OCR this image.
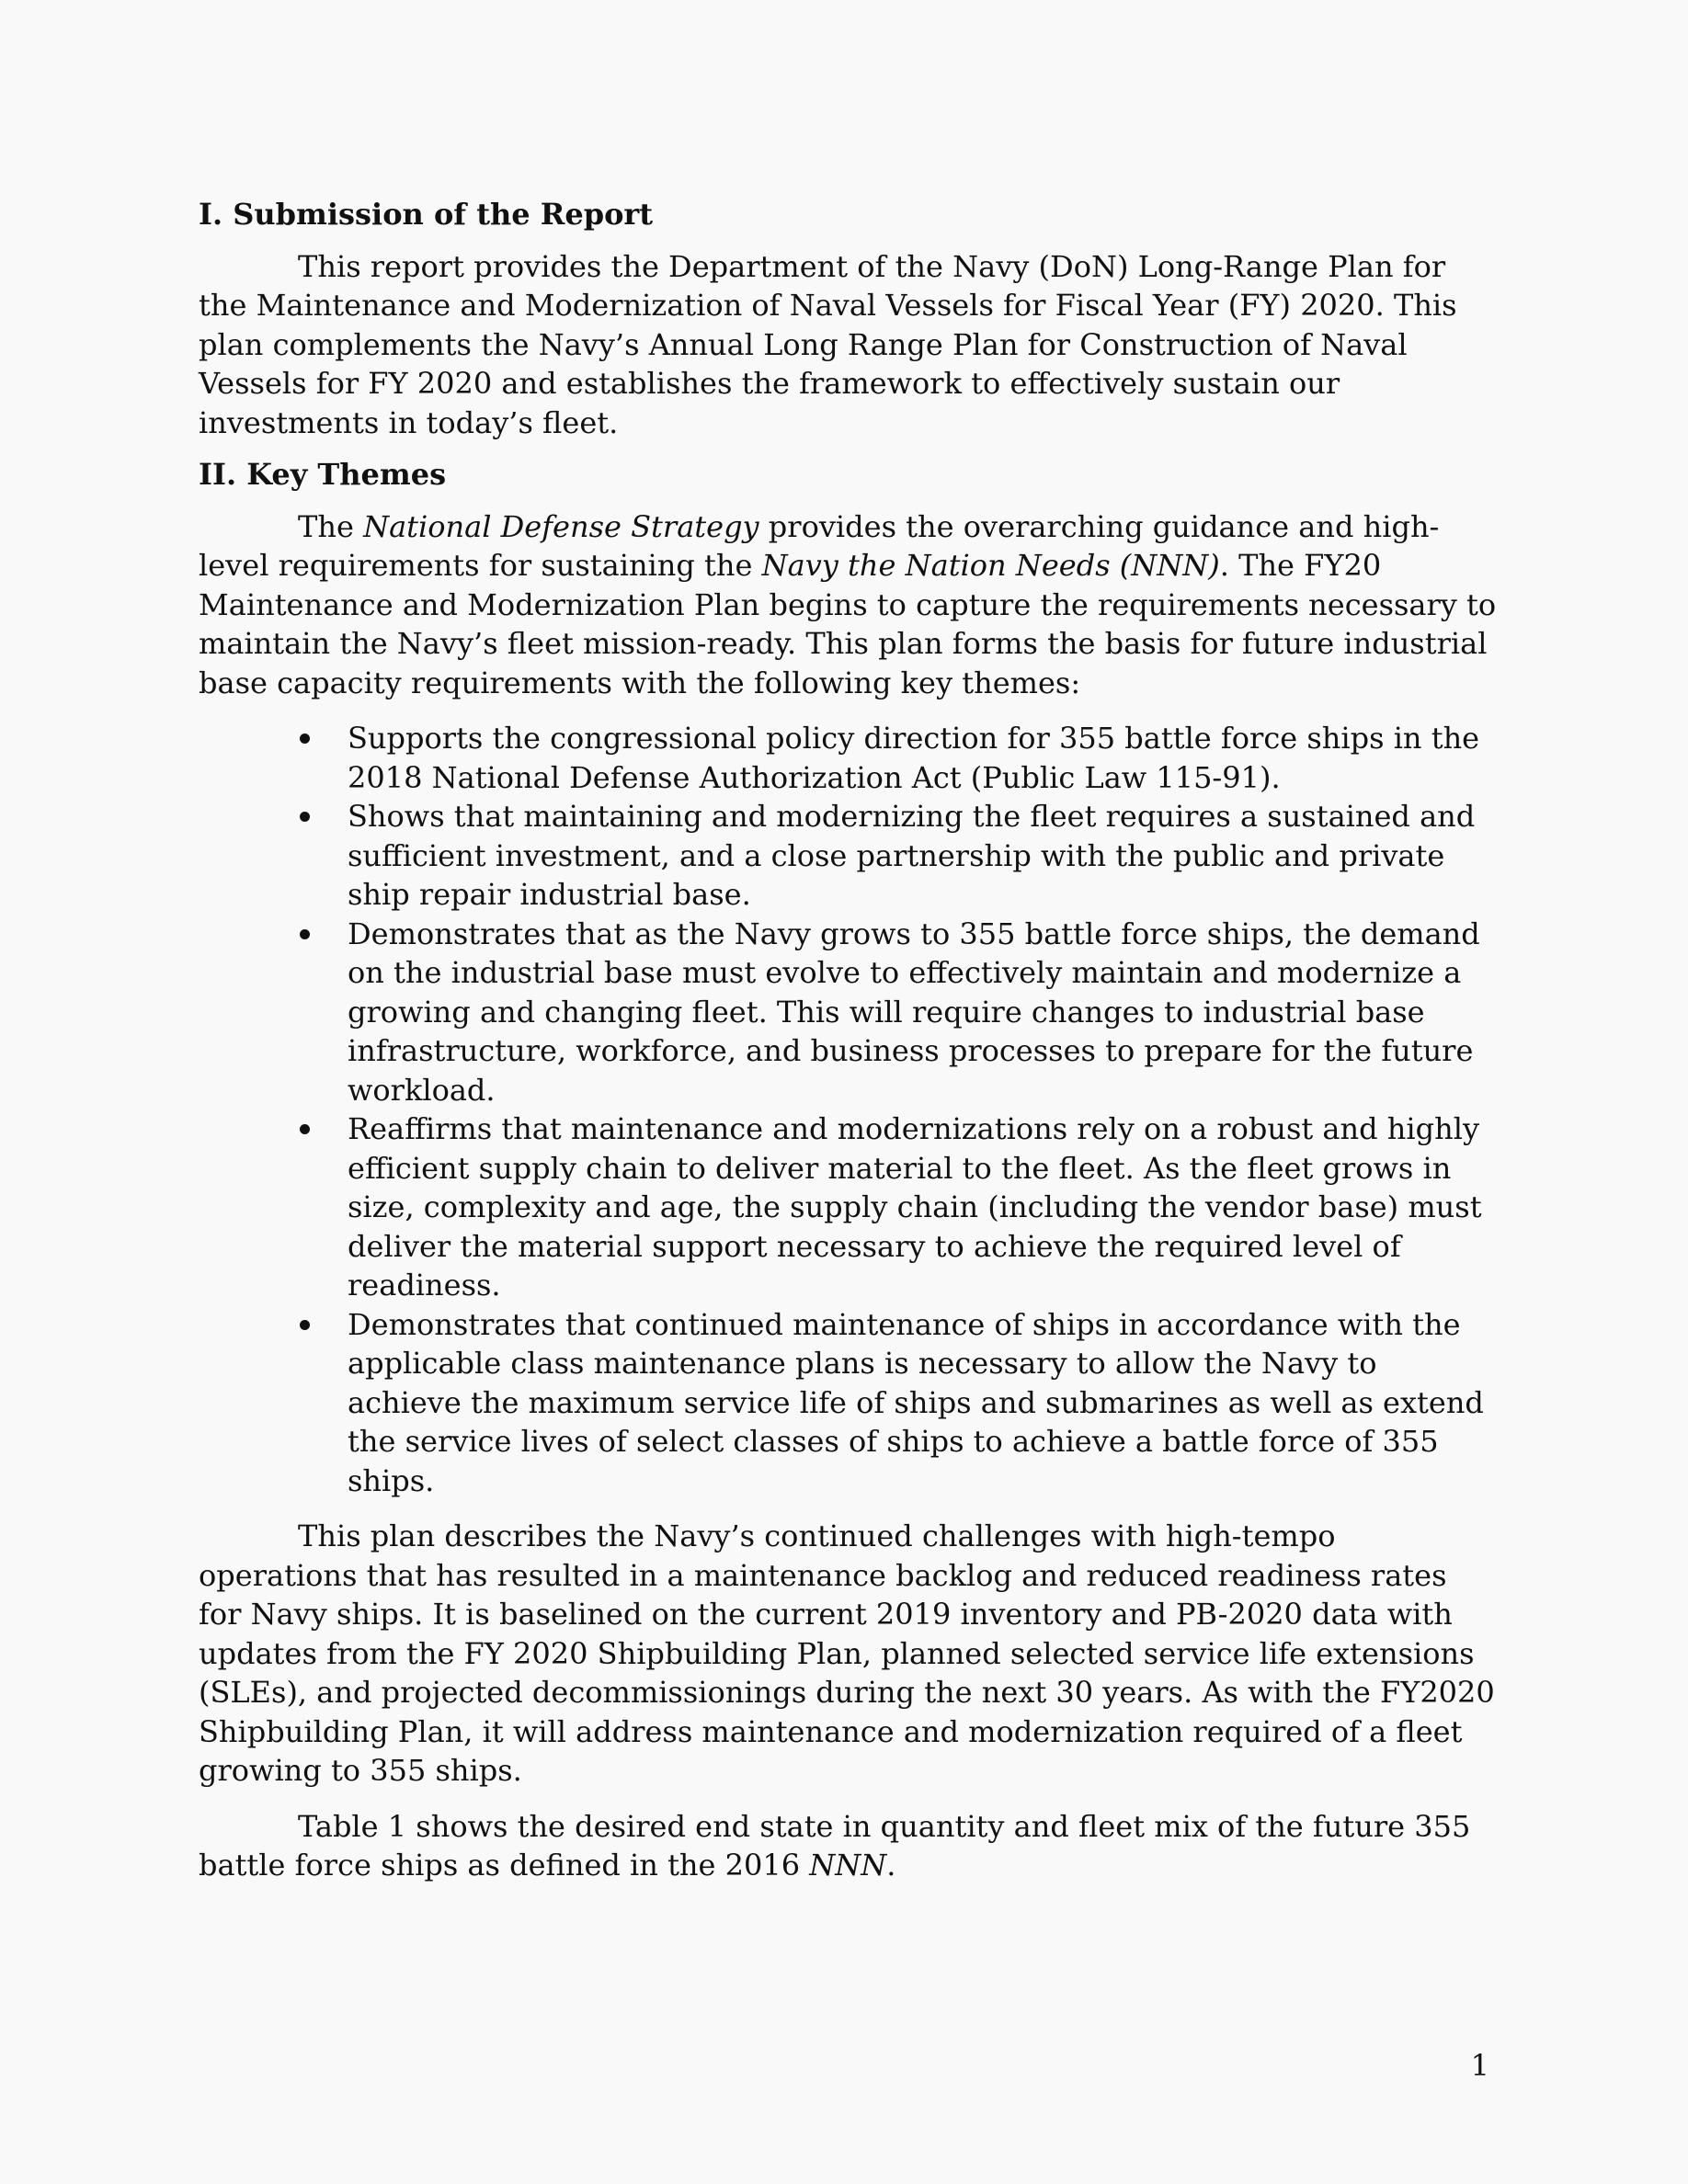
I. Submission of the Report

This report provides the Department of the Navy (DoN) Long-Range Plan for the Maintenance and Modernization of Naval Vessels for Fiscal Year (FY) 2020. This plan complements the Navy’s Annual Long Range Plan for Construction of Naval Vessels for FY 2020 and establishes the framework to effectively sustain our investments in today’s fleet.

II. Key Themes

The National Defense Strategy provides the overarching guidance and high-level requirements for sustaining the Navy the Nation Needs (NNN). The FY20 Maintenance and Modernization Plan begins to capture the requirements necessary to maintain the Navy’s fleet mission-ready. This plan forms the basis for future industrial base capacity requirements with the following key themes:

Supports the congressional policy direction for 355 battle force ships in the 2018 National Defense Authorization Act (Public Law 115-91).
Shows that maintaining and modernizing the fleet requires a sustained and sufficient investment, and a close partnership with the public and private ship repair industrial base.
Demonstrates that as the Navy grows to 355 battle force ships, the demand on the industrial base must evolve to effectively maintain and modernize a growing and changing fleet. This will require changes to industrial base infrastructure, workforce, and business processes to prepare for the future workload.
Reaffirms that maintenance and modernizations rely on a robust and highly efficient supply chain to deliver material to the fleet. As the fleet grows in size, complexity and age, the supply chain (including the vendor base) must deliver the material support necessary to achieve the required level of readiness.
Demonstrates that continued maintenance of ships in accordance with the applicable class maintenance plans is necessary to allow the Navy to achieve the maximum service life of ships and submarines as well as extend the service lives of select classes of ships to achieve a battle force of 355 ships.

This plan describes the Navy’s continued challenges with high-tempo operations that has resulted in a maintenance backlog and reduced readiness rates for Navy ships. It is baselined on the current 2019 inventory and PB-2020 data with updates from the FY 2020 Shipbuilding Plan, planned selected service life extensions (SLEs), and projected decommissionings during the next 30 years. As with the FY2020 Shipbuilding Plan, it will address maintenance and modernization required of a fleet growing to 355 ships.

Table 1 shows the desired end state in quantity and fleet mix of the future 355 battle force ships as defined in the 2016 NNN.

1
